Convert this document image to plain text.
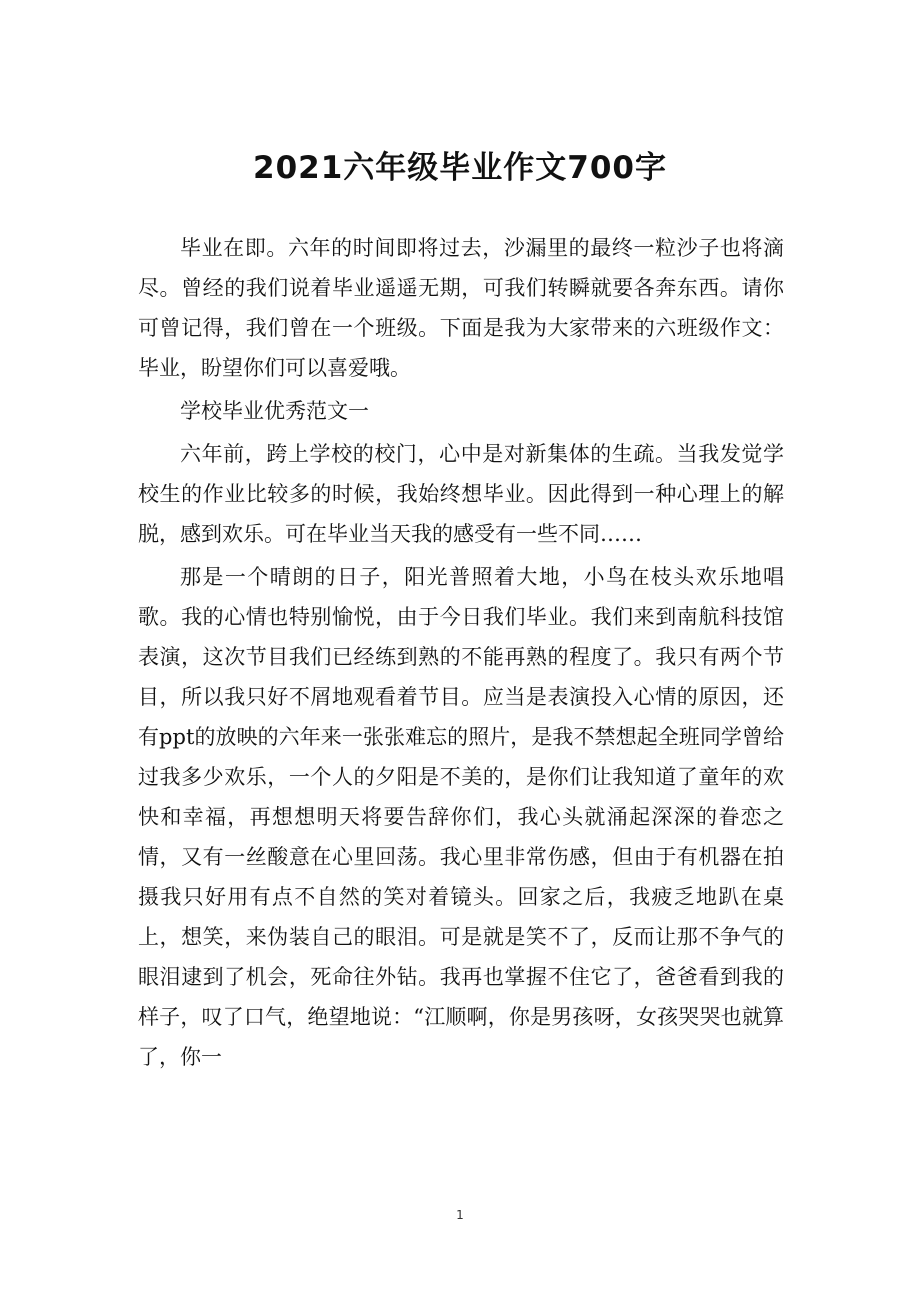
2021六年级毕业作文700字

毕业在即。六年的时间即将过去，沙漏里的最终一粒沙子也将滴尽。曾经的我们说着毕业遥遥无期，可我们转瞬就要各奔东西。请你可曾记得，我们曾在一个班级。下面是我为大家带来的六班级作文：毕业，盼望你们可以喜爱哦。

学校毕业优秀范文一

六年前，跨上学校的校门，心中是对新集体的生疏。当我发觉学校生的作业比较多的时候，我始终想毕业。因此得到一种心理上的解脱，感到欢乐。可在毕业当天我的感受有一些不同……

那是一个晴朗的日子，阳光普照着大地，小鸟在枝头欢乐地唱歌。我的心情也特别愉悦，由于今日我们毕业。我们来到南航科技馆表演，这次节目我们已经练到熟的不能再熟的程度了。我只有两个节目，所以我只好不屑地观看着节目。应当是表演投入心情的原因，还有ppt的放映的六年来一张张难忘的照片，是我不禁想起全班同学曾给过我多少欢乐，一个人的夕阳是不美的，是你们让我知道了童年的欢快和幸福，再想想明天将要告辞你们，我心头就涌起深深的眷恋之情，又有一丝酸意在心里回荡。我心里非常伤感，但由于有机器在拍摄我只好用有点不自然的笑对着镜头。回家之后，我疲乏地趴在桌上，想笑，来伪装自己的眼泪。可是就是笑不了，反而让那不争气的眼泪逮到了机会，死命往外钻。我再也掌握不住它了，爸爸看到我的样子，叹了口气，绝望地说：“江顺啊，你是男孩呀，女孩哭哭也就算了，你一

1
